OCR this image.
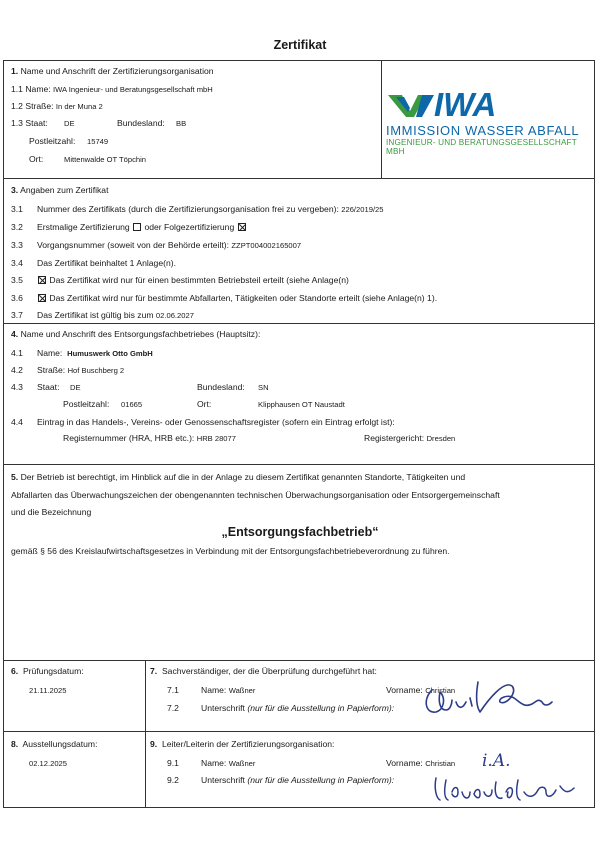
Zertifikat
1. Name und Anschrift der Zertifizierungsorganisation
1.1 Name: IWA Ingenieur- und Beratungsgesellschaft mbH
1.2 Straße: In der Muna 2
1.3 Staat: DE	Bundesland: BB
Postleitzahl: 15749
Ort:	Mittenwalde OT Töpchin
IWA
IMMISSION WASSER ABFALL
INGENIEUR- UND BERATUNGSGESELLSCHAFT MBH
3. Angaben zum Zertifikat
3.1 Nummer des Zertifikats (durch die Zertifizierungsorganisation frei zu vergeben): 226/2019/25
3.2 Erstmalige Zertifizierung oder Folgezertifizierung
3.3 Vorgangsnummer (soweit von der Behörde erteilt): ZZPT004002165007
3.4 Das Zertifikat beinhaltet 1 Anlage(n).
3.5	Das Zertifikat wird nur für einen bestimmten Betriebsteil erteilt (siehe Anlage(n)
3.6	Das Zertifikat wird nur für bestimmte Abfallarten, Tätigkeiten oder Standorte erteilt (siehe Anlage(n) 1).
3.7 Das Zertifikat ist gültig bis zum 02.06.2027
4. Name und Anschrift des Entsorgungsfachbetriebes (Hauptsitz):
4.1 Name: Humuswerk Otto GmbH
4.2 Straße: Hof Buschberg 2
4.3 Staat: DE	Bundesland: SN
Postleitzahl: 01665	Ort:	Klipphausen OT Naustadt
4.4 Eintrag in das Handels-, Vereins- oder Genossenschaftsregister (sofern ein Eintrag erfolgt ist):
Registernummer (HRA, HRB etc.): HRB 28077	Registergericht: Dresden
5. Der Betrieb ist berechtigt, im Hinblick auf die in der Anlage zu diesem Zertifikat genannten Standorte, Tätigkeiten und
Abfallarten das Überwachungszeichen der obengenannten technischen Überwachungsorganisation oder Entsorgergemeinschaft
und die Bezeichnung
„Entsorgungsfachbetrieb“
gemäß § 56 des Kreislaufwirtschaftsgesetzes in Verbindung mit der Entsorgungsfachbetriebeverordnung zu führen.
6. Prüfungsdatum:
21.11.2025
7. Sachverständiger, der die Überprüfung durchgeführt hat:
7.1	Name: Waßner	Vorname: Christian
7.2	Unterschrift (nur für die Ausstellung in Papierform):
8. Ausstellungsdatum:
02.12.2025
9. Leiter/Leiterin der Zertifizierungsorganisation:
9.1	Name: Waßner	Vorname: Christian
9.2	Unterschrift (nur für die Ausstellung in Papierform):
i.A.
